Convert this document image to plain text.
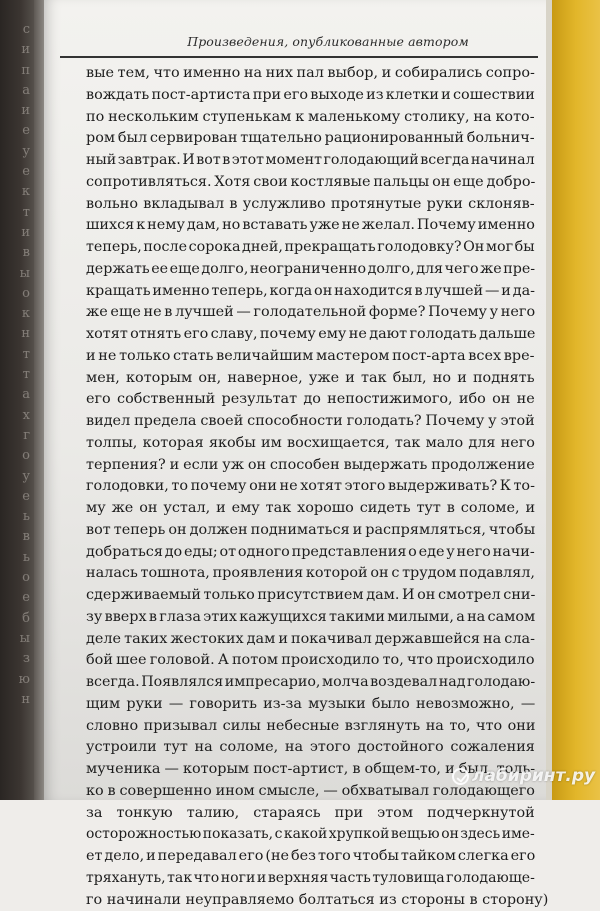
с
и
п
а
и
е
у
е
к
т
и
в
ы
о
к
н
т
т
а
х
г
о
у
е
ь
в
ь
о
е
б
ы
з
ю
н
Произведения, опубликованные автором
вые тем, что именно на них пал выбор, и собирались сопро-
вождать пост-артиста при его выходе из клетки и сошествии
по нескольким ступенькам к маленькому столику, на кото-
ром был сервирован тщательно рационированный больнич-
ный завтрак. И вот в этот момент голодающий всегда начинал
сопротивляться. Хотя свои костлявые пальцы он еще добро-
вольно вкладывал в услужливо протянутые руки склоняв-
шихся к нему дам, но вставать уже не желал. Почему именно
теперь, после сорока дней, прекращать голодовку? Он мог бы
держать ее еще долго, неограниченно долго, для чего же пре-
кращать именно теперь, когда он находится в лучшей — и да-
же еще не в лучшей — голодательной форме? Почему у него
хотят отнять его славу, почему ему не дают голодать дальше
и не только стать величайшим мастером пост-арта всех вре-
мен, которым он, наверное, уже и так был, но и поднять
его собственный результат до непостижимого, ибо он не
видел предела своей способности голодать? Почему у этой
толпы, которая якобы им восхищается, так мало для него
терпения? и если уж он способен выдержать продолжение
голодовки, то почему они не хотят этого выдерживать? К то-
му же он устал, и ему так хорошо сидеть тут в соломе, и
вот теперь он должен подниматься и распрямляться, чтобы
добраться до еды; от одного представления о еде у него начи-
налась тошнота, проявления которой он с трудом подавлял,
сдерживаемый только присутствием дам. И он смотрел сни-
зу вверх в глаза этих кажущихся такими милыми, а на самом
деле таких жестоких дам и покачивал державшейся на сла-
бой шее головой. А потом происходило то, что происходило
всегда. Появлялся импресарио, молча воздевал над голодаю-
щим руки — говорить из-за музыки было невозможно, —
словно призывал силы небесные взглянуть на то, что они
устроили тут на соломе, на этого достойного сожаления
мученика — которым пост-артист, в общем-то, и был, толь-
ко в совершенно ином смысле, — обхватывал голодающего
за тонкую талию, стараясь при этом подчеркнутой
осторожностью показать, с какой хрупкой вещью он здесь име-
ет дело, и передавал его (не без того чтобы тайком слегка его
тряхануть, так что ноги и верхняя часть туловища голодающе-
го начинали неуправляемо болтаться из стороны в сторону)
лабиринт.ру
